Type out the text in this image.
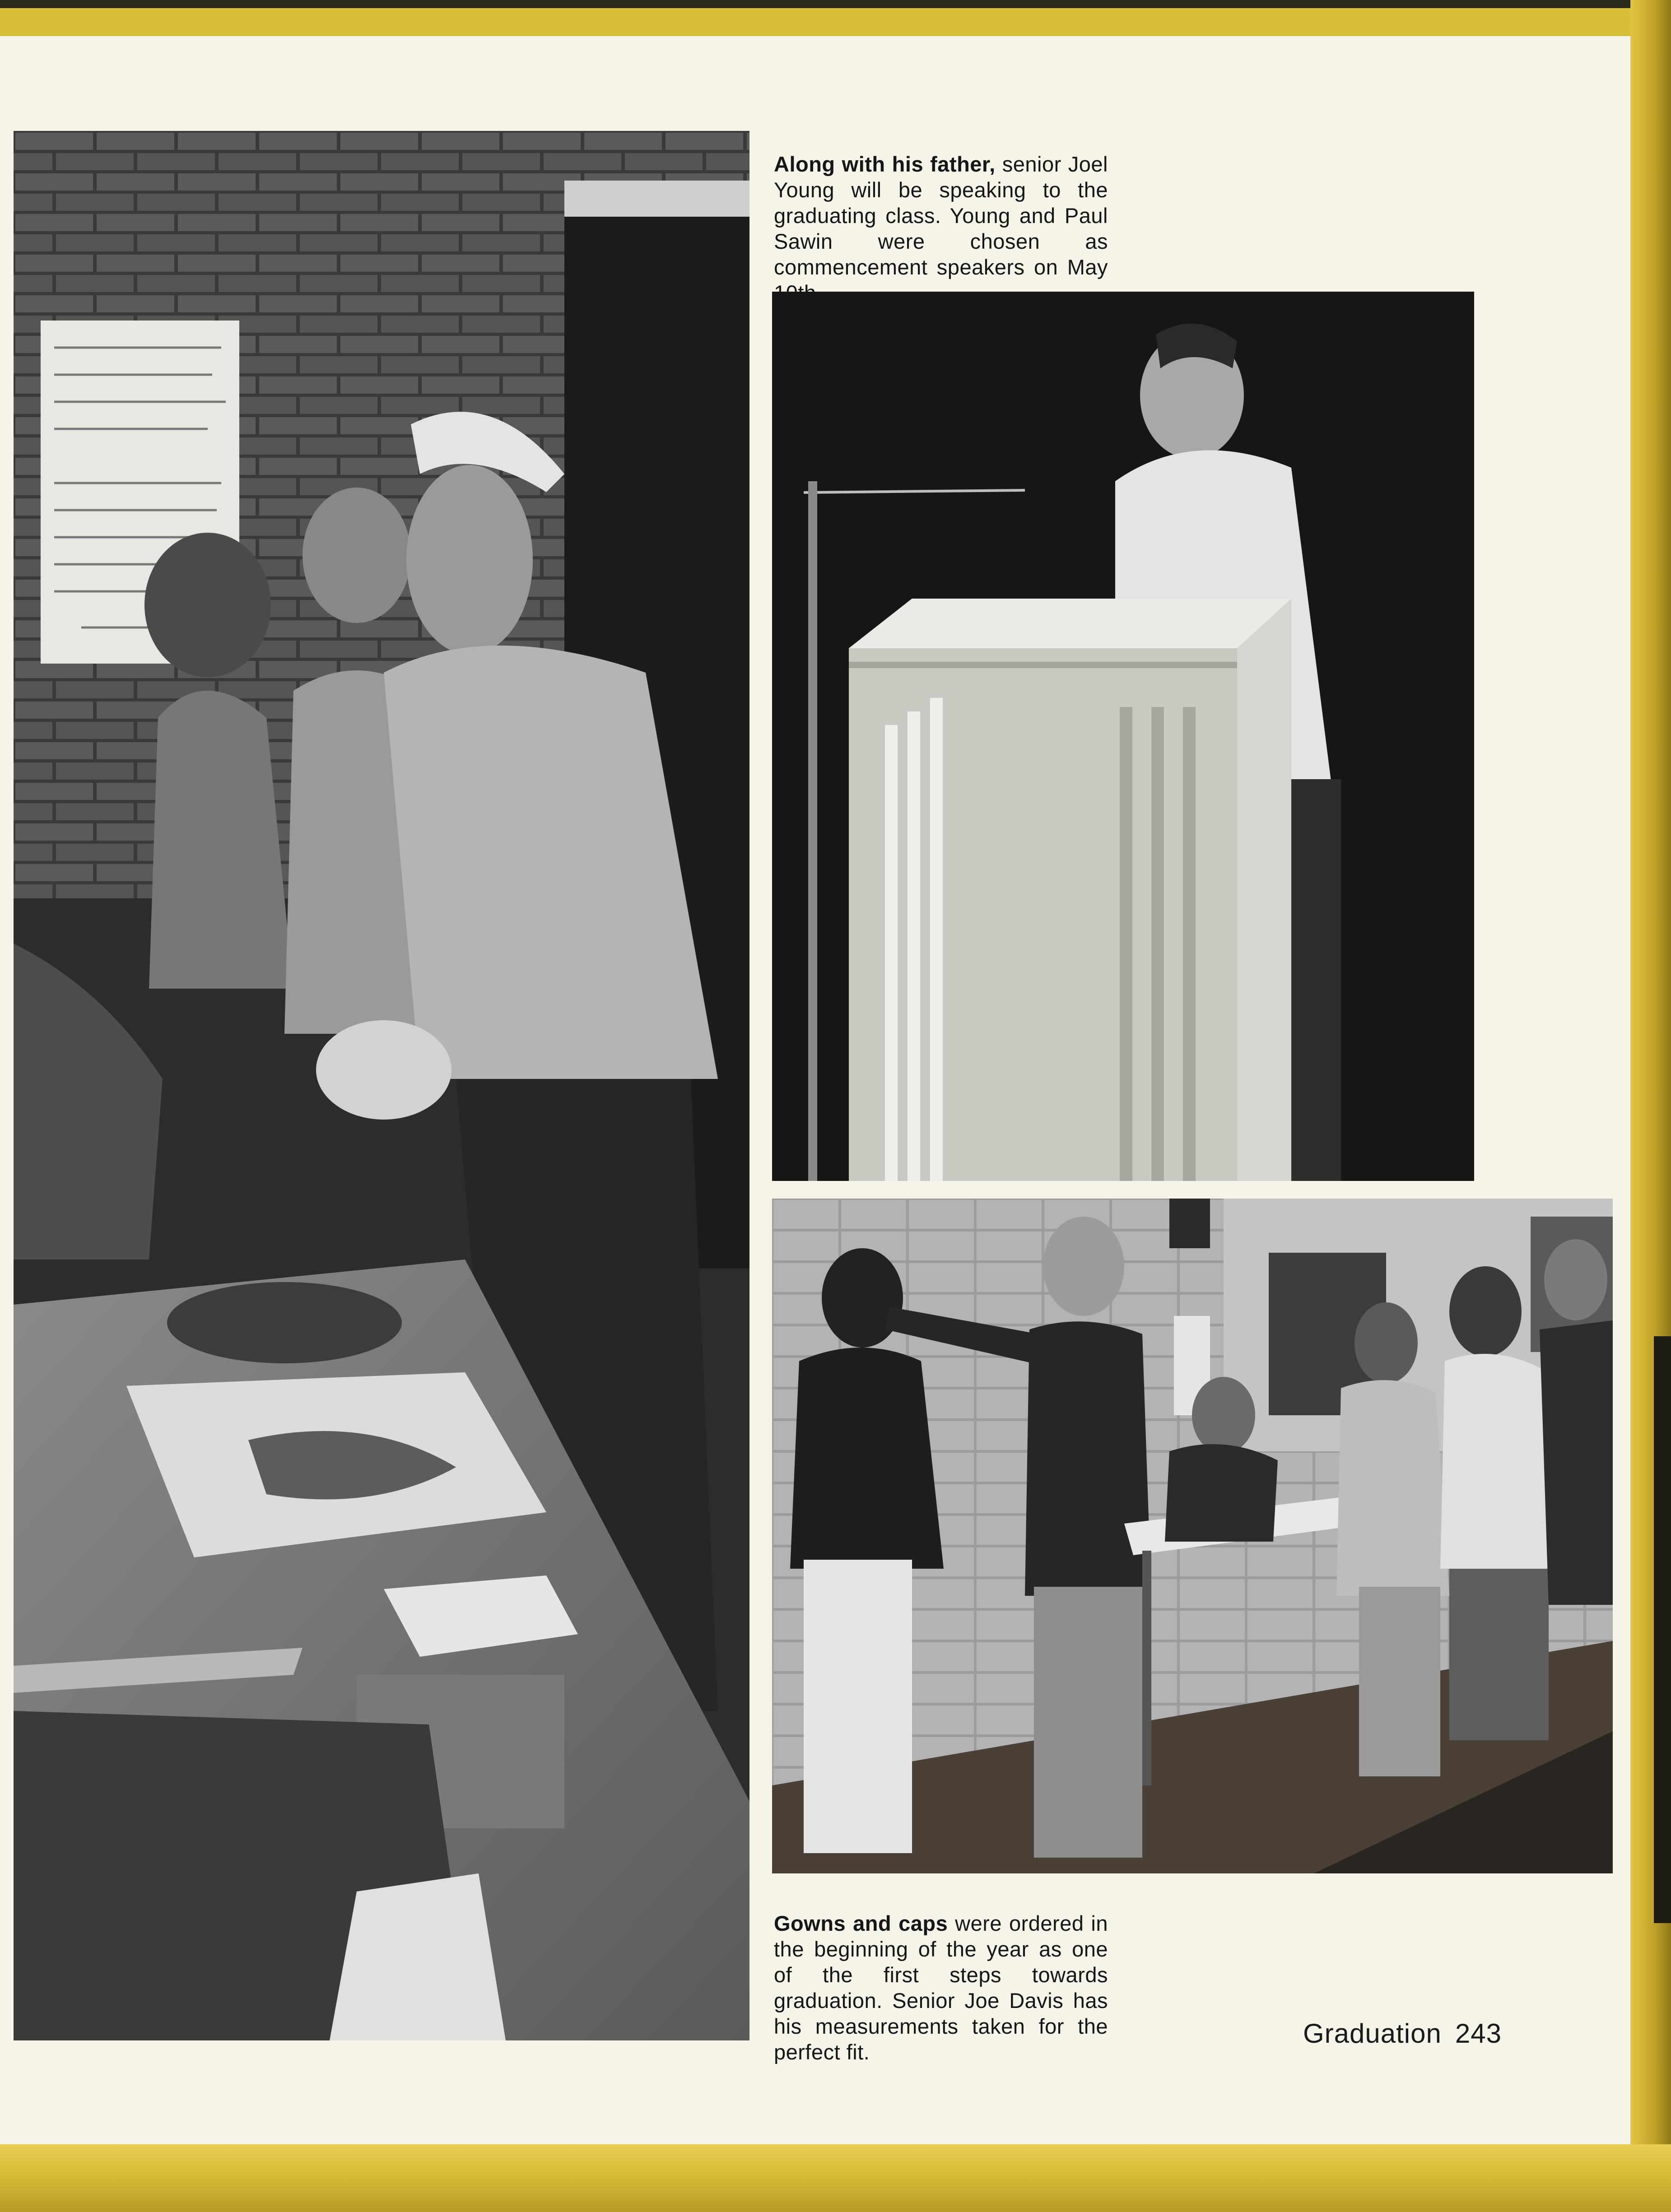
Along with his father, senior Joel Young will be speaking to the graduating class. Young and Paul Sawin were chosen as commencement speakers on May 10th.

Gowns and caps were ordered in the beginning of the year as one of the first steps towards graduation. Senior Joe Davis has his measurements taken for the perfect fit.

Graduation 243
